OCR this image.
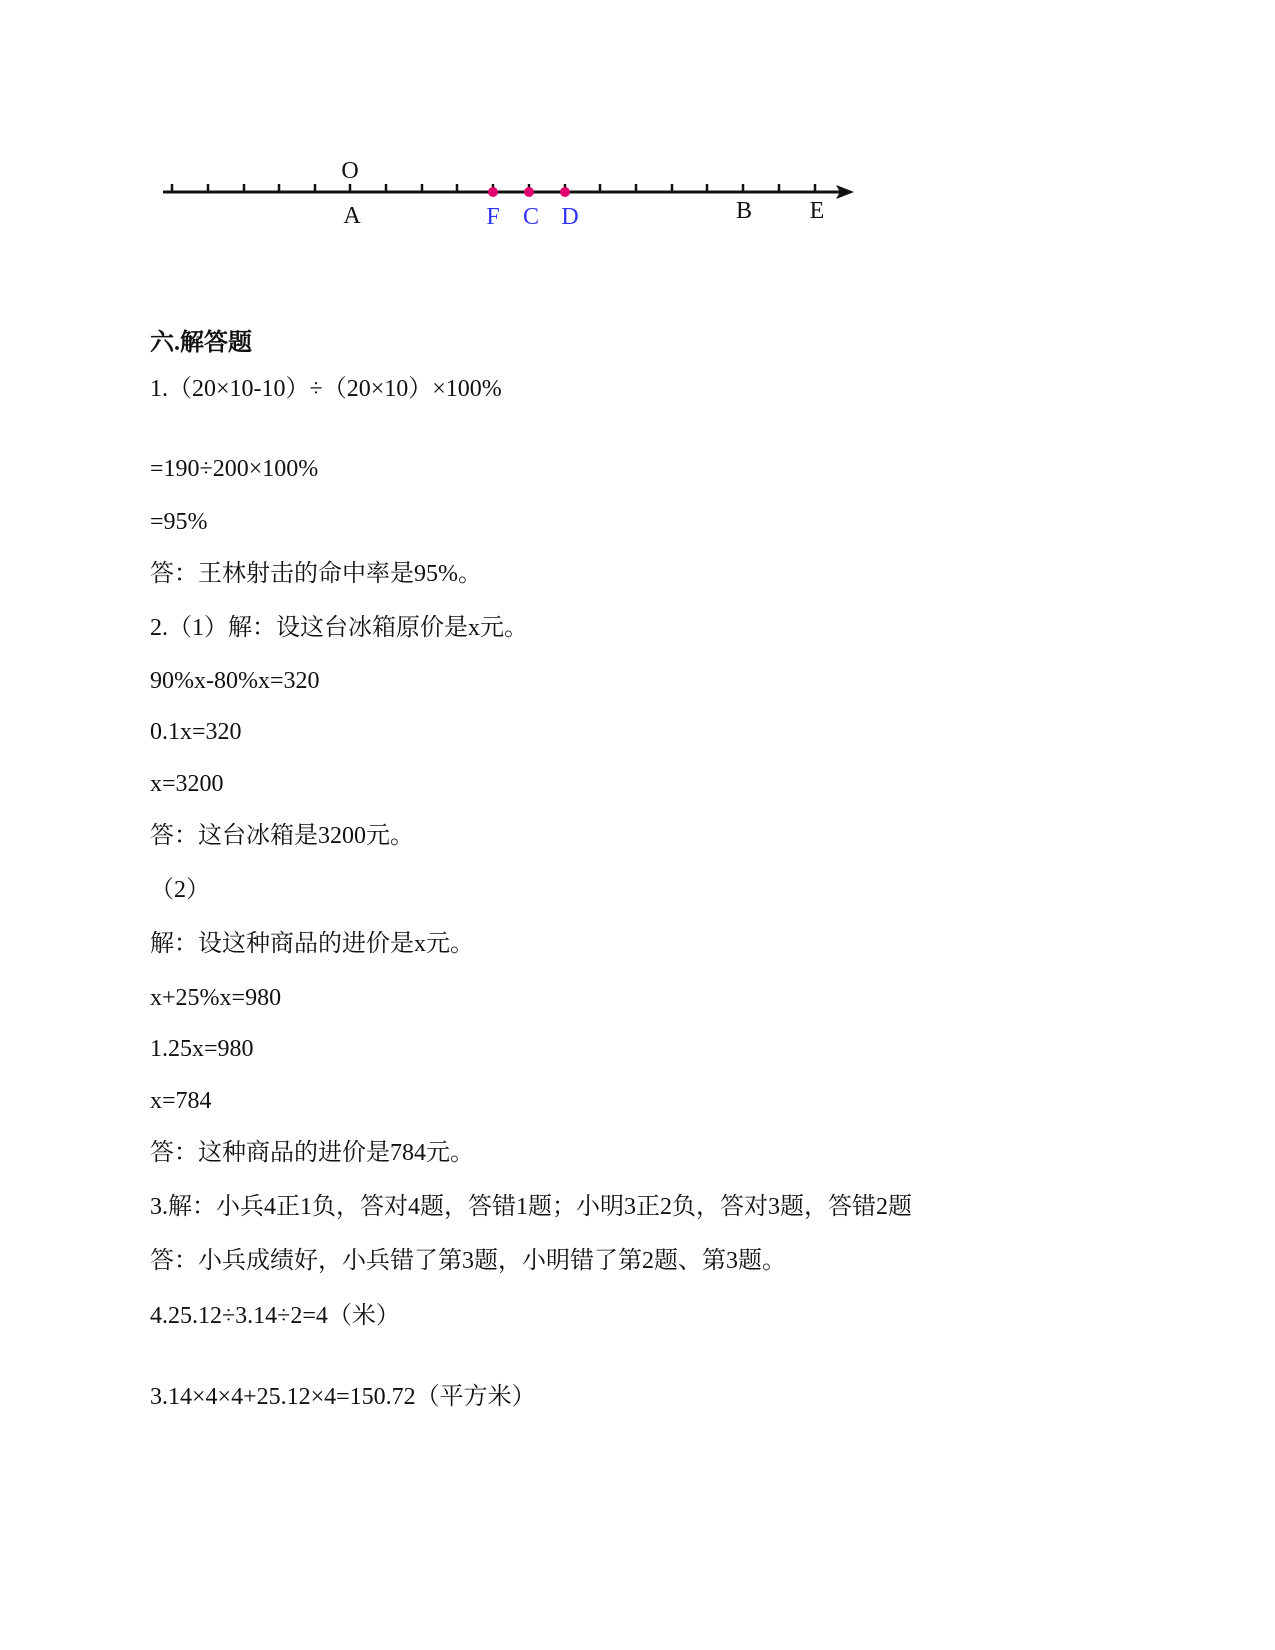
O
A	F C D	B E
六.解答题
1.（20×10-10）÷（20×10）×100%
=190÷200×100%
=95%
答：王林射击的命中率是95%。
2.（1）解：设这台冰箱原价是x元。
90%x-80%x=320
0.1x=320
x=3200
答：这台冰箱是3200元。
（2）
解：设这种商品的进价是x元。
x+25%x=980
1.25x=980
x=784
答：这种商品的进价是784元。
3.解：小兵4正1负，答对4题，答错1题；小明3正2负，答对3题，答错2题
答：小兵成绩好，小兵错了第3题，小明错了第2题、第3题。
4.25.12÷3.14÷2=4（米）
3.14×4×4+25.12×4=150.72（平方米）
